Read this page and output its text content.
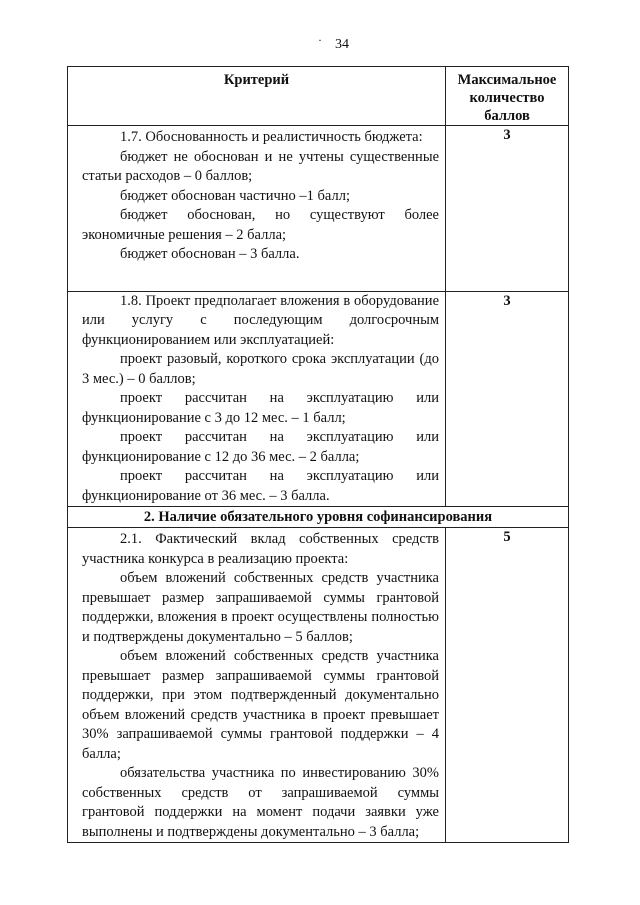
· 34
Критерий	Максимальное количество баллов

1.7. Обоснованность и реалистичность бюджета:

бюджет не обоснован и не учтены существенные статьи расходов – 0 баллов;

бюджет обоснован частично –1 балл;

бюджет обоснован, но существуют более экономичные решения – 2 балла;

бюджет обоснован – 3 балла.	3

1.8. Проект предполагает вложения в оборудование или услугу с последующим долгосрочным функционированием или эксплуатацией:

проект разовый, короткого срока эксплуатации (до 3 мес.) – 0 баллов;

проект рассчитан на эксплуатацию или функционирование с 3 до 12 мес. – 1 балл;

проект рассчитан на эксплуатацию или функционирование с 12 до 36 мес. – 2 балла;

проект рассчитан на эксплуатацию или функционирование от 36 мес. – 3 балла.	3
2. Наличие обязательного уровня софинансирования	

2.1. Фактический вклад собственных средств участника конкурса в реализацию проекта:

объем вложений собственных средств участника превышает размер запрашиваемой суммы грантовой поддержки, вложения в проект осуществлены полностью и подтверждены документально – 5 баллов;

объем вложений собственных средств участника превышает размер запрашиваемой суммы грантовой поддержки, при этом подтвержденный документально объем вложений средств участника в проект превышает 30% запрашиваемой суммы грантовой поддержки – 4 балла;

обязательства участника по инвестированию 30% собственных средств от запрашиваемой суммы грантовой поддержки на момент подачи заявки уже выполнены и подтверждены документально – 3 балла;	5
